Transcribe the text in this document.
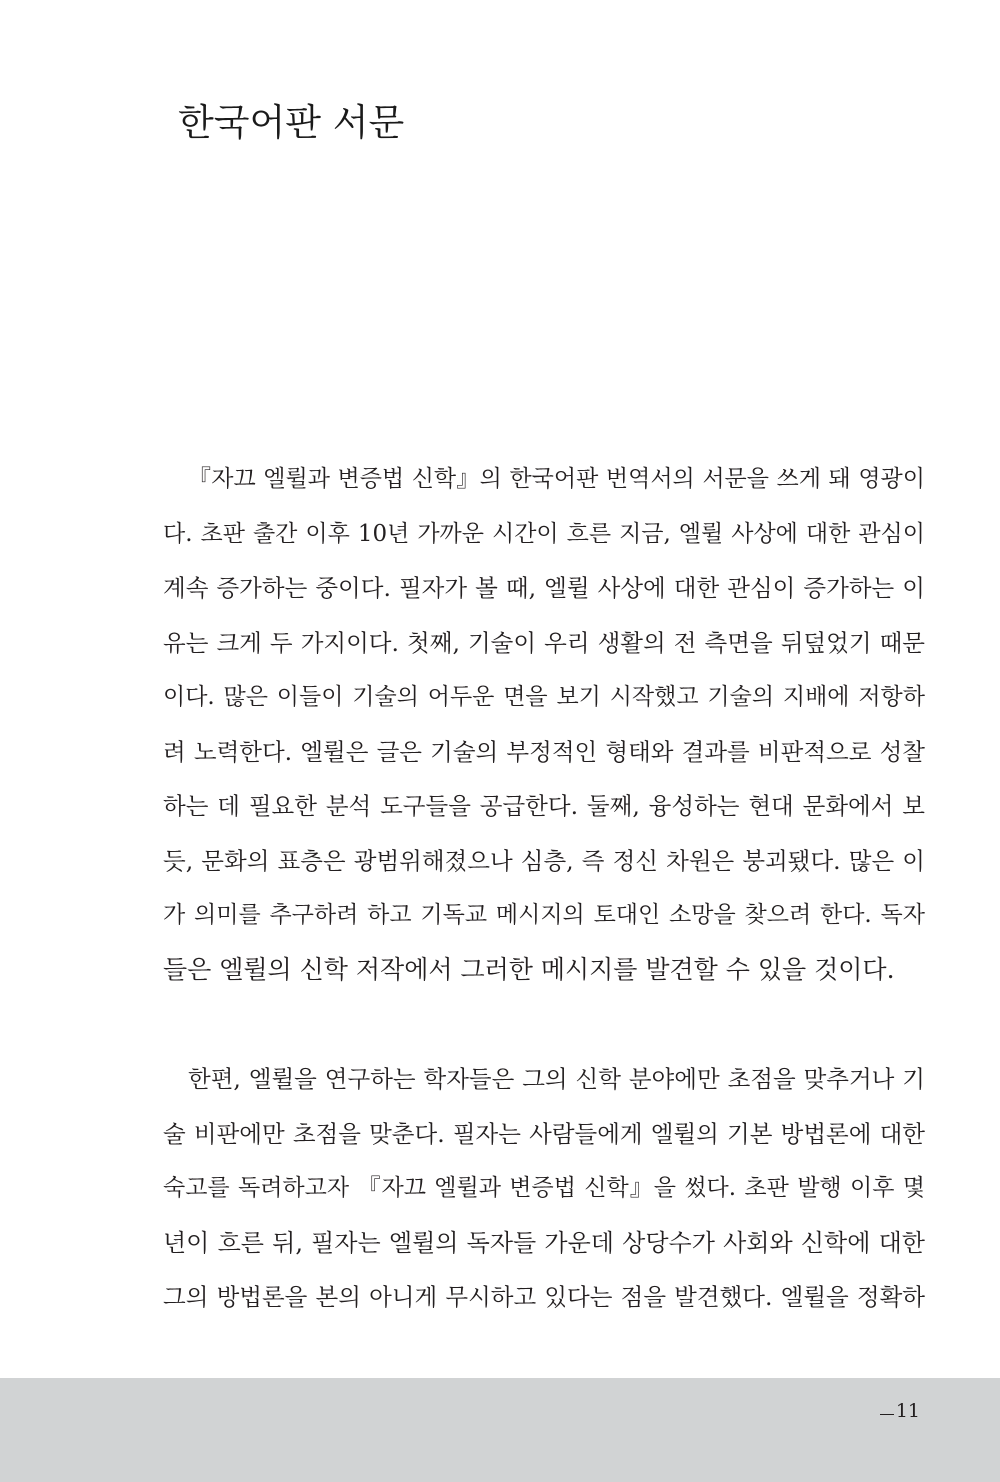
한국어판 서문

『자끄 엘륄과 변증법 신학』의 한국어판 번역서의 서문을 쓰게 돼 영광이
다. 초판 출간 이후 10년 가까운 시간이 흐른 지금, 엘륄 사상에 대한 관심이
계속 증가하는 중이다. 필자가 볼 때, 엘륄 사상에 대한 관심이 증가하는 이
유는 크게 두 가지이다. 첫째, 기술이 우리 생활의 전 측면을 뒤덮었기 때문
이다. 많은 이들이 기술의 어두운 면을 보기 시작했고 기술의 지배에 저항하
려 노력한다. 엘륄은 글은 기술의 부정적인 형태와 결과를 비판적으로 성찰
하는 데 필요한 분석 도구들을 공급한다. 둘째, 융성하는 현대 문화에서 보
듯, 문화의 표층은 광범위해졌으나 심층, 즉 정신 차원은 붕괴됐다. 많은 이
가 의미를 추구하려 하고 기독교 메시지의 토대인 소망을 찾으려 한다. 독자
들은 엘륄의 신학 저작에서 그러한 메시지를 발견할 수 있을 것이다.

한편, 엘륄을 연구하는 학자들은 그의 신학 분야에만 초점을 맞추거나 기
술 비판에만 초점을 맞춘다. 필자는 사람들에게 엘륄의 기본 방법론에 대한
숙고를 독려하고자 『자끄 엘륄과 변증법 신학』을 썼다. 초판 발행 이후 몇
년이 흐른 뒤, 필자는 엘륄의 독자들 가운데 상당수가 사회와 신학에 대한
그의 방법론을 본의 아니게 무시하고 있다는 점을 발견했다. 엘륄을 정확하

11
